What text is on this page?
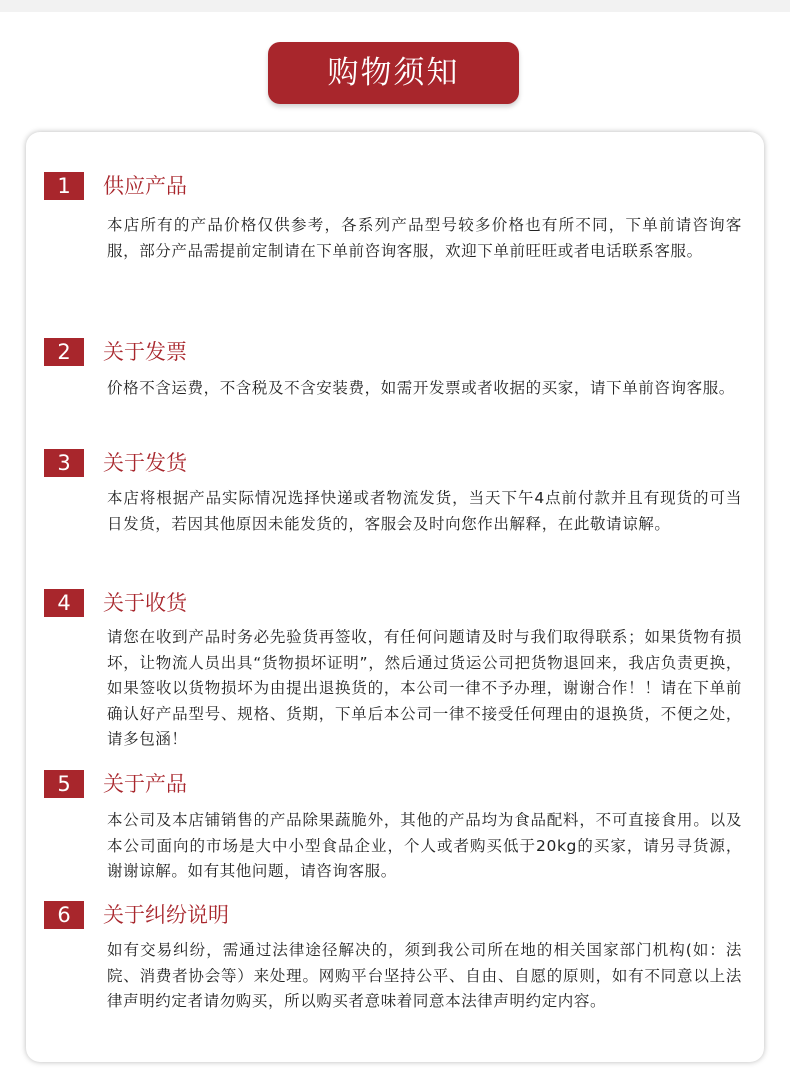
购物须知
1	供应产品
本店所有的产品价格仅供参考，各系列产品型号较多价格也有所不同，下单前请咨询客服，部分产品需提前定制请在下单前咨询客服，欢迎下单前旺旺或者电话联系客服。
2	关于发票
价格不含运费，不含税及不含安装费，如需开发票或者收据的买家，请下单前咨询客服。
3	关于发货
本店将根据产品实际情况选择快递或者物流发货，当天下午4点前付款并且有现货的可当日发货，若因其他原因未能发货的，客服会及时向您作出解释，在此敬请谅解。
4	关于收货
请您在收到产品时务必先验货再签收，有任何问题请及时与我们取得联系；如果货物有损坏，让物流人员出具“货物损坏证明”，然后通过货运公司把货物退回来，我店负责更换，如果签收以货物损坏为由提出退换货的，本公司一律不予办理，谢谢合作！！请在下单前确认好产品型号、规格、货期，下单后本公司一律不接受任何理由的退换货，不便之处，请多包涵！
5	关于产品
本公司及本店铺销售的产品除果蔬脆外，其他的产品均为食品配料，不可直接食用。以及本公司面向的市场是大中小型食品企业，个人或者购买低于20kg的买家，请另寻货源，谢谢谅解。如有其他问题，请咨询客服。
6	关于纠纷说明
如有交易纠纷，需通过法律途径解决的，须到我公司所在地的相关国家部门机构(如：法院、消费者协会等）来处理。网购平台坚持公平、自由、自愿的原则，如有不同意以上法律声明约定者请勿购买，所以购买者意味着同意本法律声明约定内容。
